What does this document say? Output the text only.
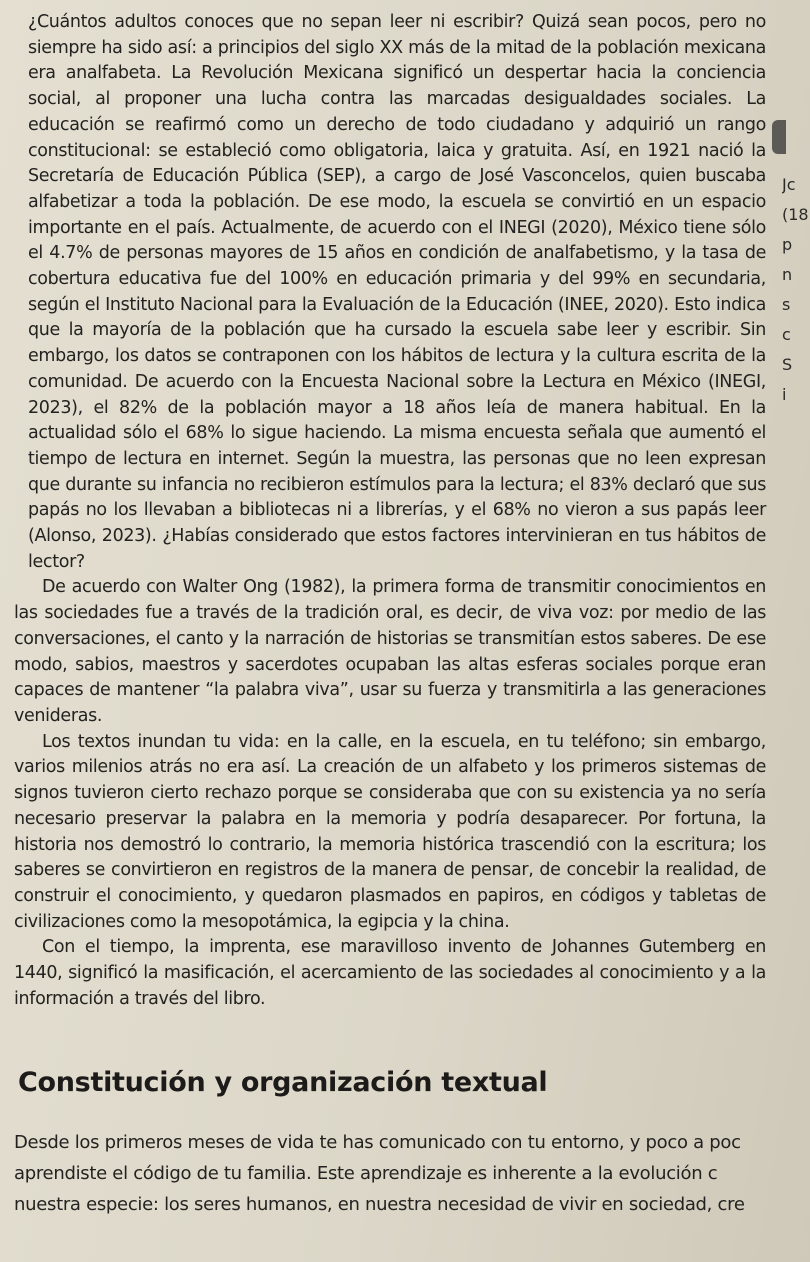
¿Cuántos adultos conoces que no sepan leer ni escribir? Quizá sean pocos, pero no siempre ha sido así: a principios del siglo XX más de la mitad de la población mexicana era analfabeta. La Revolución Mexicana significó un despertar hacia la conciencia social, al proponer una lucha contra las marcadas desigualdades sociales. La educación se reafirmó como un derecho de todo ciudadano y adquirió un rango constitucional: se estableció como obligatoria, laica y gratuita. Así, en 1921 nació la Secretaría de Educación Pública (SEP), a cargo de José Vasconcelos, quien buscaba alfabetizar a toda la población. De ese modo, la escuela se convirtió en un espacio importante en el país. Actualmente, de acuerdo con el INEGI (2020), México tiene sólo el 4.7% de personas mayores de 15 años en condición de analfabetismo, y la tasa de cobertura educativa fue del 100% en educación primaria y del 99% en secundaria, según el Instituto Nacional para la Evaluación de la Educación (INEE, 2020). Esto indica que la mayoría de la población que ha cursado la escuela sabe leer y escribir. Sin embargo, los datos se contraponen con los hábitos de lectura y la cultura escrita de la comunidad. De acuerdo con la Encuesta Nacional sobre la Lectura en México (INEGI, 2023), el 82% de la población mayor a 18 años leía de manera habitual. En la actualidad sólo el 68% lo sigue haciendo. La misma encuesta señala que aumentó el tiempo de lectura en internet. Según la muestra, las personas que no leen expresan que durante su infancia no recibieron estímulos para la lectura; el 83% declaró que sus papás no los llevaban a bibliotecas ni a librerías, y el 68% no vieron a sus papás leer (Alonso, 2023). ¿Habías considerado que estos factores intervinieran en tus hábitos de lector?

De acuerdo con Walter Ong (1982), la primera forma de transmitir conocimientos en las sociedades fue a través de la tradición oral, es decir, de viva voz: por medio de las conversaciones, el canto y la narración de historias se transmitían estos saberes. De ese modo, sabios, maestros y sacerdotes ocupaban las altas esferas sociales porque eran capaces de mantener “la palabra viva”, usar su fuerza y transmitirla a las generaciones venideras.

Los textos inundan tu vida: en la calle, en la escuela, en tu teléfono; sin embargo, varios milenios atrás no era así. La creación de un alfabeto y los primeros sistemas de signos tuvieron cierto rechazo porque se consideraba que con su existencia ya no sería necesario preservar la palabra en la memoria y podría desaparecer. Por fortuna, la historia nos demostró lo contrario, la memoria histórica trascendió con la escritura; los saberes se convirtieron en registros de la manera de pensar, de concebir la realidad, de construir el conocimiento, y quedaron plasmados en papiros, en códigos y tabletas de civilizaciones como la mesopotámica, la egipcia y la china.

Con el tiempo, la imprenta, ese maravilloso invento de Johannes Gutemberg en 1440, significó la masificación, el acercamiento de las sociedades al conocimiento y a la información a través del libro.

Constitución y organización textual
Desde los primeros meses de vida te has comunicado con tu entorno, y poco a poc
aprendiste el código de tu familia. Este aprendizaje es inherente a la evolución c
nuestra especie: los seres humanos, en nuestra necesidad de vivir en sociedad, cre
Jc
(18
p
n
s
c
S
i
